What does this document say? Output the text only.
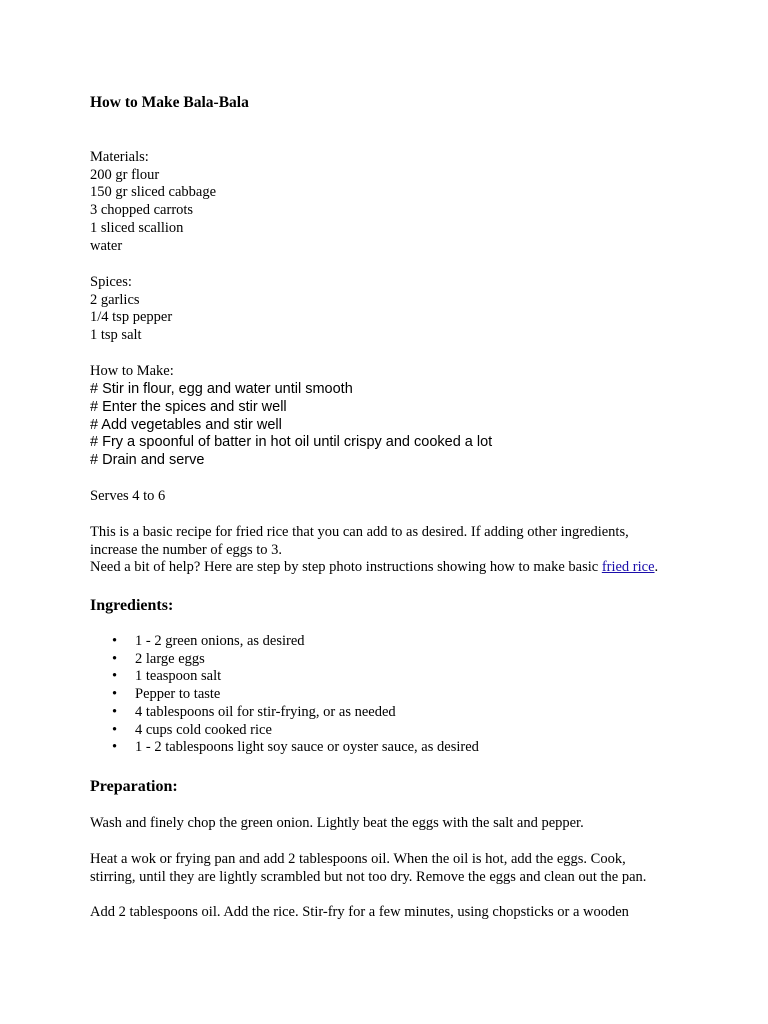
How to Make Bala-Bala
Materials:
200 gr flour
150 gr sliced cabbage
3 chopped carrots
1 sliced scallion
water
Spices:
2 garlics
1/4 tsp pepper
1 tsp salt
How to Make:
# Stir in flour, egg and water until smooth
# Enter the spices and stir well
# Add vegetables and stir well
# Fry a spoonful of batter in hot oil until crispy and cooked a lot
# Drain and serve

Serves 4 to 6

This is a basic recipe for fried rice that you can add to as desired. If adding other ingredients,
increase the number of eggs to 3.
Need a bit of help? Here are step by step photo instructions showing how to make basic fried rice.
Ingredients:
• 1 - 2 green onions, as desired
• 2 large eggs
• 1 teaspoon salt
• Pepper to taste
• 4 tablespoons oil for stir-frying, or as needed
• 4 cups cold cooked rice
• 1 - 2 tablespoons light soy sauce or oyster sauce, as desired
Preparation:

Wash and finely chop the green onion. Lightly beat the eggs with the salt and pepper.

Heat a wok or frying pan and add 2 tablespoons oil. When the oil is hot, add the eggs. Cook,
stirring, until they are lightly scrambled but not too dry. Remove the eggs and clean out the pan.
Add 2 tablespoons oil. Add the rice. Stir-fry for a few minutes, using chopsticks or a wooden
